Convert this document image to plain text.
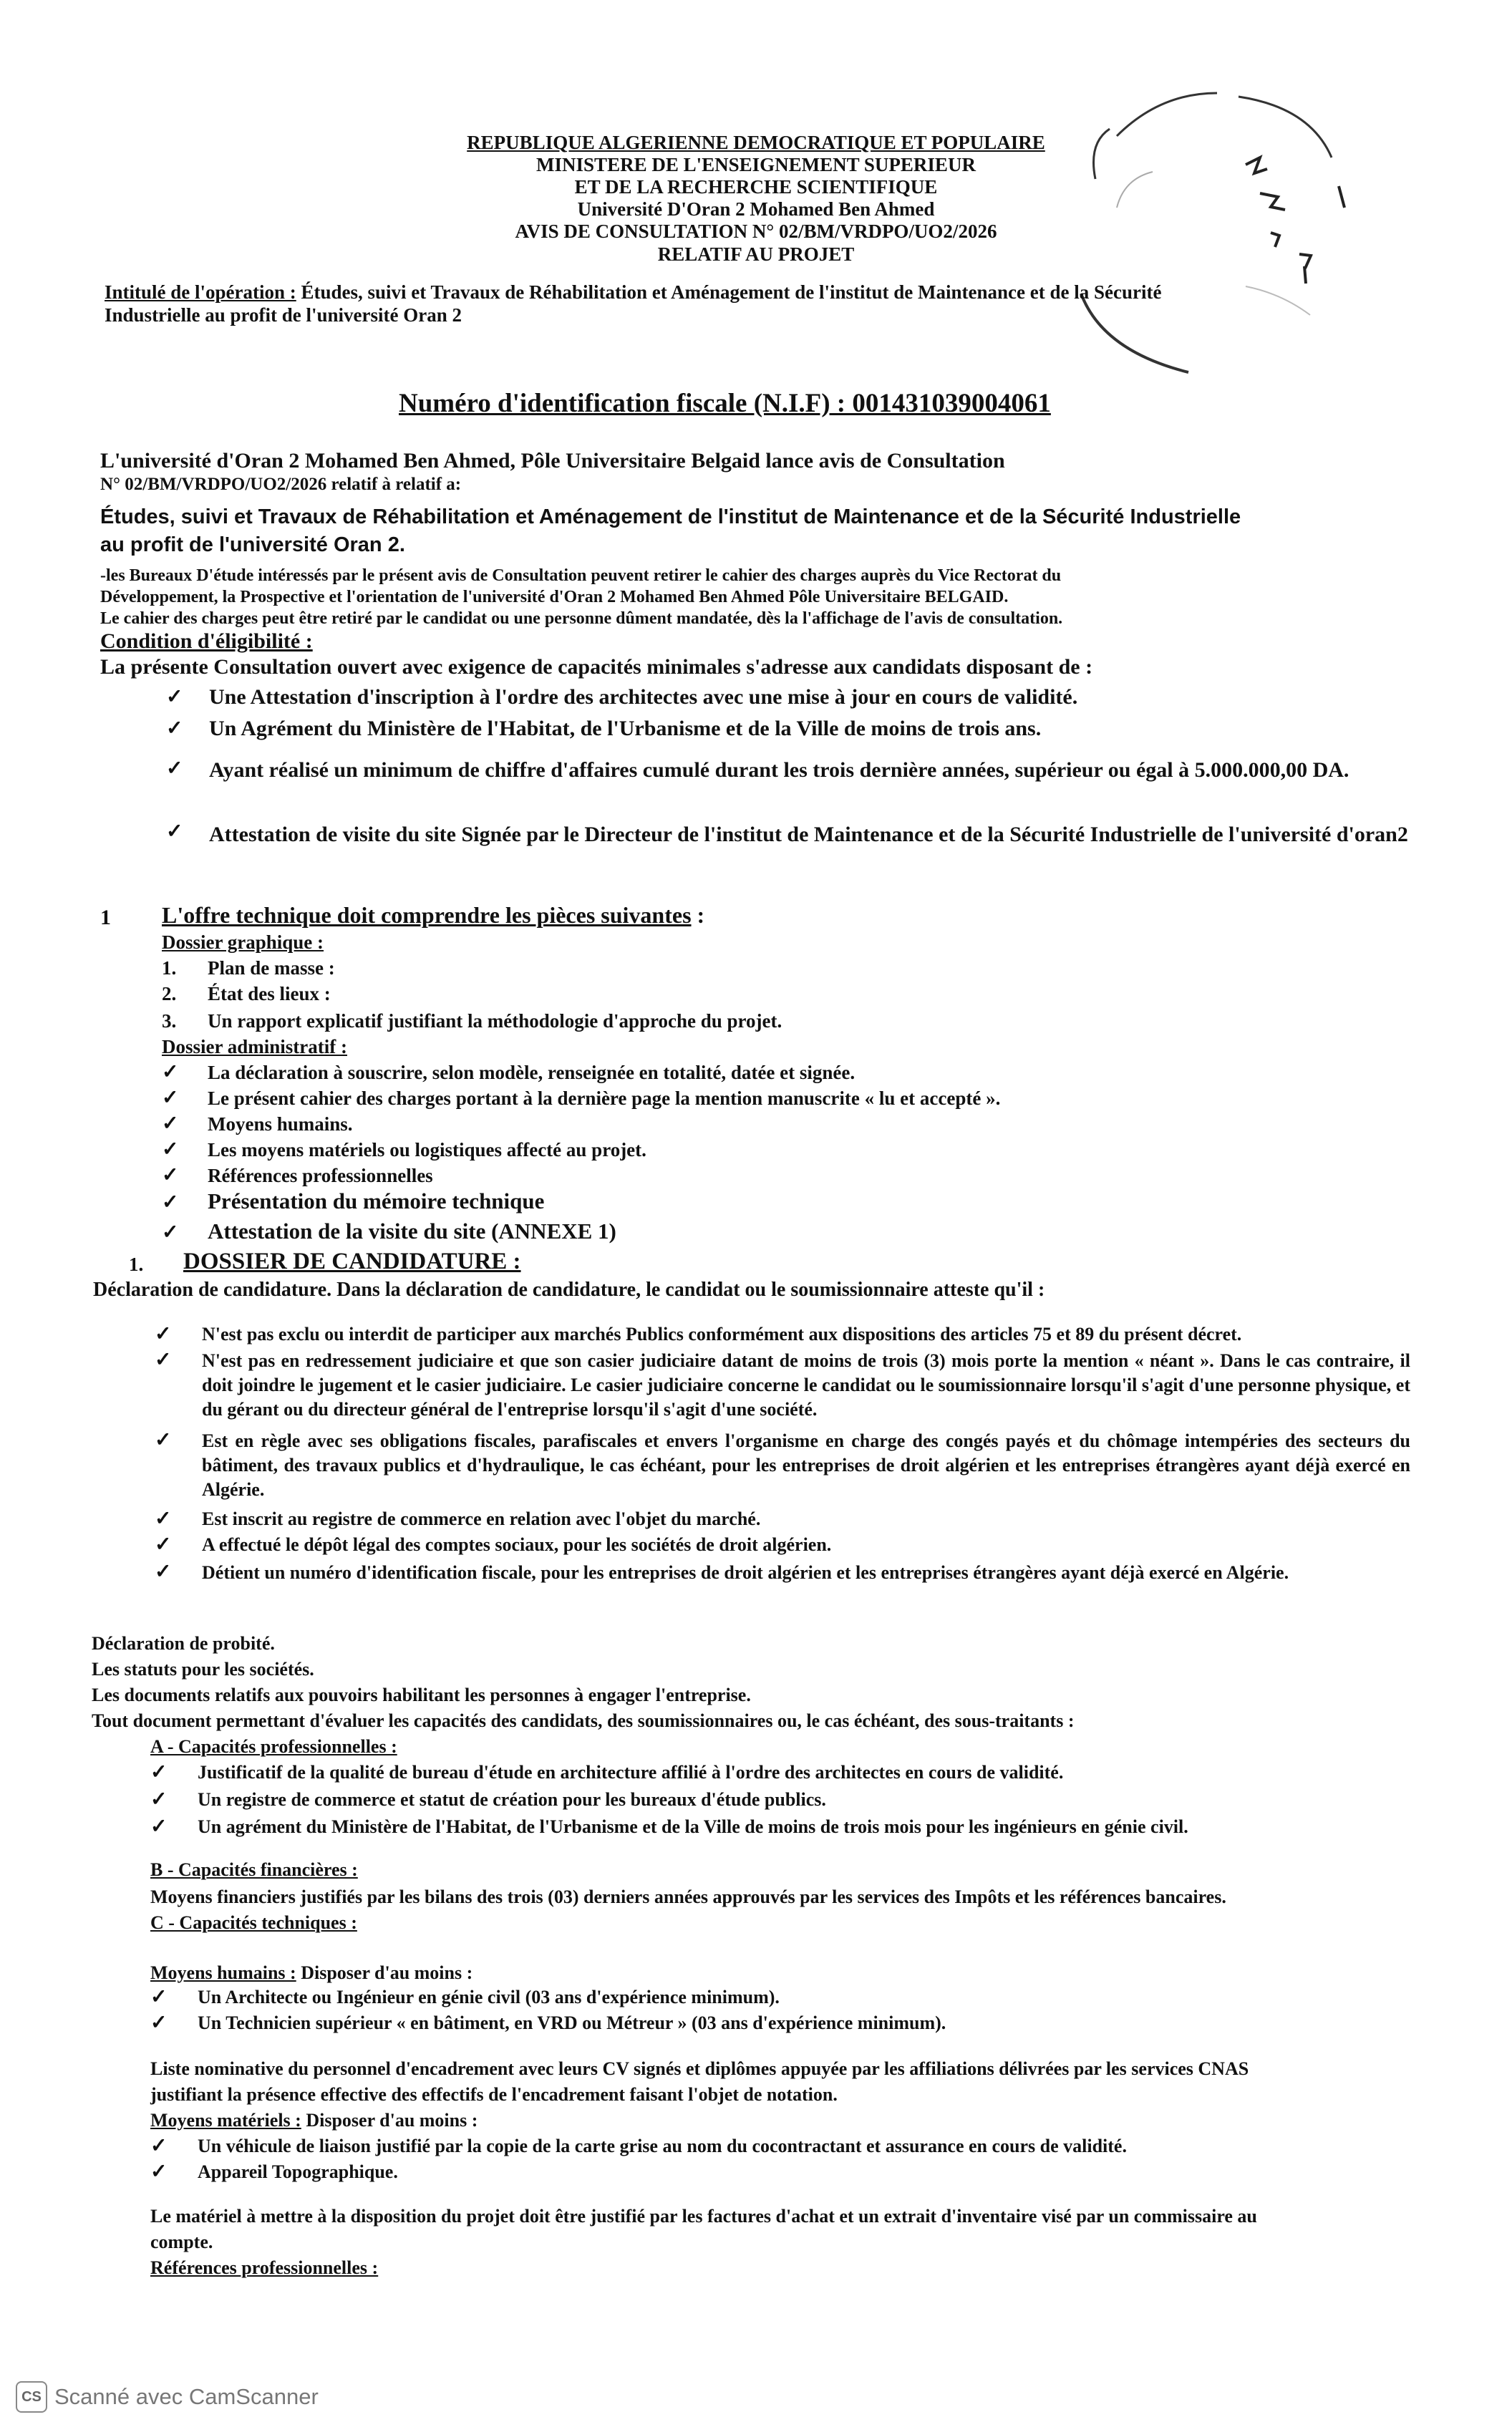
REPUBLIQUE ALGERIENNE DEMOCRATIQUE ET POPULAIRE
MINISTERE DE L'ENSEIGNEMENT SUPERIEUR
ET DE LA RECHERCHE SCIENTIFIQUE
Université D'Oran 2 Mohamed Ben Ahmed
AVIS DE CONSULTATION N° 02/BM/VRDPO/UO2/2026
RELATIF AU PROJET
Intitulé de l'opération : Études, suivi et Travaux de Réhabilitation et Aménagement de l'institut de Maintenance et de la Sécurité
Industrielle au profit de l'université Oran 2
Numéro d'identification fiscale (N.I.F) : 001431039004061
L'université d'Oran 2 Mohamed Ben Ahmed, Pôle Universitaire Belgaid lance avis de Consultation
N° 02/BM/VRDPO/UO2/2026 relatif à relatif a:
Études, suivi et Travaux de Réhabilitation et Aménagement de l'institut de Maintenance et de la Sécurité Industrielle
au profit de l'université Oran 2.
-les Bureaux D'étude intéressés par le présent avis de Consultation peuvent retirer le cahier des charges auprès du Vice Rectorat du
Développement, la Prospective et l'orientation de l'université d'Oran 2 Mohamed Ben Ahmed Pôle Universitaire BELGAID.
Le cahier des charges peut être retiré par le candidat ou une personne dûment mandatée, dès la l'affichage de l'avis de consultation.
Condition d'éligibilité :
La présente Consultation ouvert avec exigence de capacités minimales s'adresse aux candidats disposant de :
✓ Une Attestation d'inscription à l'ordre des architectes avec une mise à jour en cours de validité.
✓ Un Agrément du Ministère de l'Habitat, de l'Urbanisme et de la Ville de moins de trois ans.
✓ Ayant réalisé un minimum de chiffre d'affaires cumulé durant les trois dernière années, supérieur ou égal à 5.000.000,00 DA.
✓ Attestation de visite du site Signée par le Directeur de l'institut de Maintenance et de la Sécurité Industrielle de l'université d'oran2
1 L'offre technique doit comprendre les pièces suivantes :
Dossier graphique :
1. Plan de masse :
2. État des lieux :
3. Un rapport explicatif justifiant la méthodologie d'approche du projet.
Dossier administratif :
✓ La déclaration à souscrire, selon modèle, renseignée en totalité, datée et signée.
✓ Le présent cahier des charges portant à la dernière page la mention manuscrite « lu et accepté ».
✓ Moyens humains.
✓ Les moyens matériels ou logistiques affecté au projet.
✓ Références professionnelles
✓ Présentation du mémoire technique
✓ Attestation de la visite du site (ANNEXE 1)
1. DOSSIER DE CANDIDATURE :
Déclaration de candidature. Dans la déclaration de candidature, le candidat ou le soumissionnaire atteste qu'il :
✓ N'est pas exclu ou interdit de participer aux marchés Publics conformément aux dispositions des articles 75 et 89 du présent décret.
✓ N'est pas en redressement judiciaire et que son casier judiciaire datant de moins de trois (3) mois porte la mention « néant ». Dans le cas contraire, il doit joindre le jugement et le casier judiciaire. Le casier judiciaire concerne le candidat ou le soumissionnaire lorsqu'il s'agit d'une personne physique, et du gérant ou du directeur général de l'entreprise lorsqu'il s'agit d'une société.
✓ Est en règle avec ses obligations fiscales, parafiscales et envers l'organisme en charge des congés payés et du chômage intempéries des secteurs du bâtiment, des travaux publics et d'hydraulique, le cas échéant, pour les entreprises de droit algérien et les entreprises étrangères ayant déjà exercé en Algérie.
✓ Est inscrit au registre de commerce en relation avec l'objet du marché.
✓ A effectué le dépôt légal des comptes sociaux, pour les sociétés de droit algérien.
✓ Détient un numéro d'identification fiscale, pour les entreprises de droit algérien et les entreprises étrangères ayant déjà exercé en Algérie.
Déclaration de probité.
Les statuts pour les sociétés.
Les documents relatifs aux pouvoirs habilitant les personnes à engager l'entreprise.
Tout document permettant d'évaluer les capacités des candidats, des soumissionnaires ou, le cas échéant, des sous-traitants :
A - Capacités professionnelles :
✓ Justificatif de la qualité de bureau d'étude en architecture affilié à l'ordre des architectes en cours de validité.
✓ Un registre de commerce et statut de création pour les bureaux d'étude publics.
✓ Un agrément du Ministère de l'Habitat, de l'Urbanisme et de la Ville de moins de trois mois pour les ingénieurs en génie civil.
B - Capacités financières :
Moyens financiers justifiés par les bilans des trois (03) derniers années approuvés par les services des Impôts et les références bancaires.
C - Capacités techniques :
Moyens humains : Disposer d'au moins :
✓ Un Architecte ou Ingénieur en génie civil (03 ans d'expérience minimum).
✓ Un Technicien supérieur « en bâtiment, en VRD ou Métreur » (03 ans d'expérience minimum).
Liste nominative du personnel d'encadrement avec leurs CV signés et diplômes appuyée par les affiliations délivrées par les services CNAS
justifiant la présence effective des effectifs de l'encadrement faisant l'objet de notation.
Moyens matériels : Disposer d'au moins :
✓ Un véhicule de liaison justifié par la copie de la carte grise au nom du cocontractant et assurance en cours de validité.
✓ Appareil Topographique.
Le matériel à mettre à la disposition du projet doit être justifié par les factures d'achat et un extrait d'inventaire visé par un commissaire au
compte.
Références professionnelles :
CS Scanné avec CamScanner
